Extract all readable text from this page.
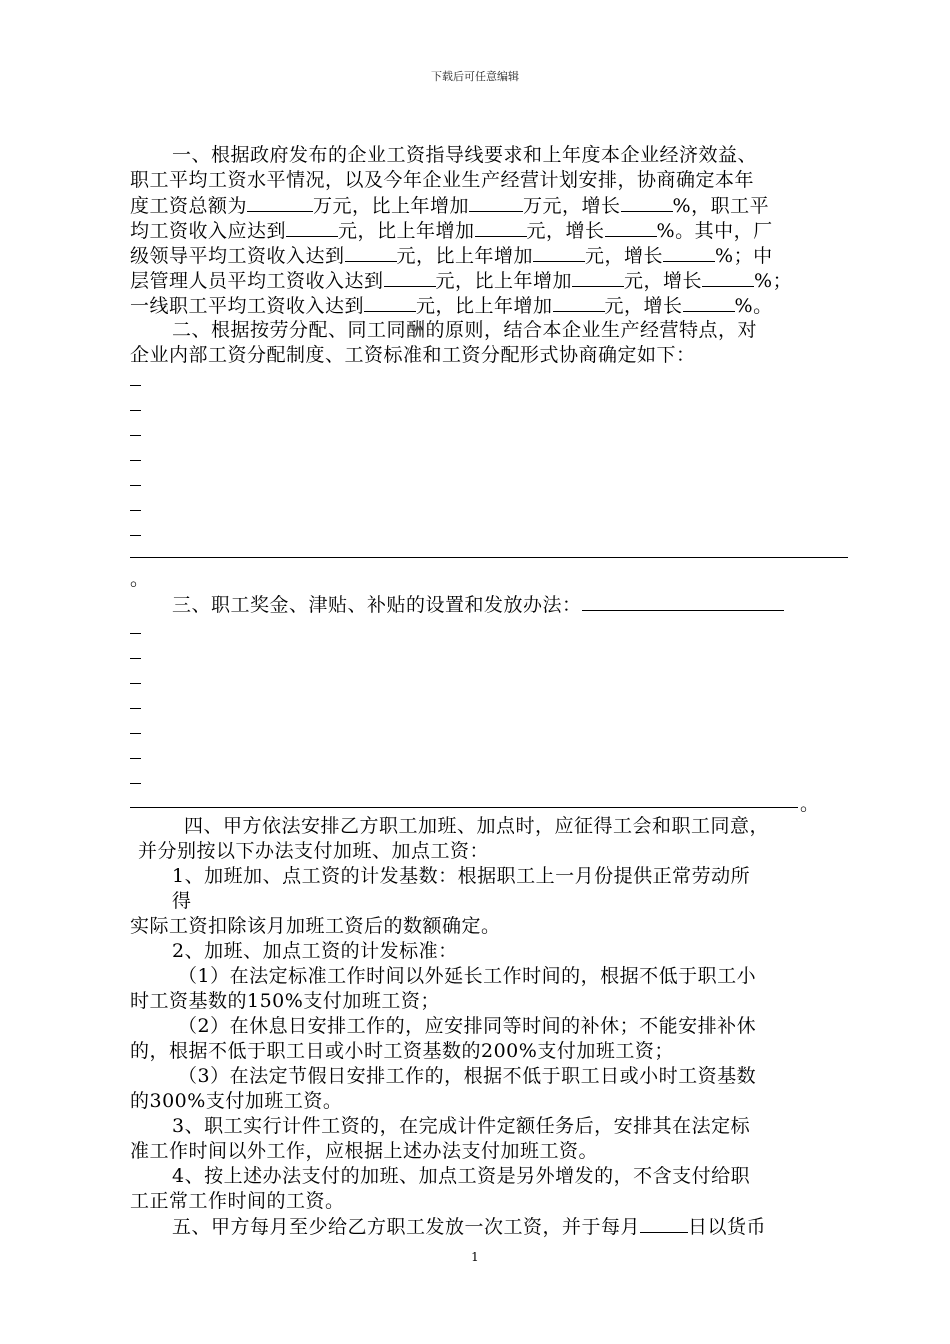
下载后可任意编辑
一、根据政府发布的企业工资指导线要求和上年度本企业经济效益、
职工平均工资水平情况，以及今年企业生产经营计划安排，协商确定本年
度工资总额为	万元，比上年增加	万元，增长	%，职工平
均工资收入应达到	元，比上年增加	元，增长	%。其中，厂
级领导平均工资收入达到	元，比上年增加	元，增长	%；中
层管理人员平均工资收入达到	元，比上年增加	元，增长	%；
一线职工平均工资收入达到	元，比上年增加	元，增长	%。
二、根据按劳分配、同工同酬的原则，结合本企业生产经营特点，对
企业内部工资分配制度、工资标准和工资分配形式协商确定如下：
。
三、职工奖金、津贴、补贴的设置和发放办法：
。
四、甲方依法安排乙方职工加班、加点时，应征得工会和职工同意，
并分别按以下办法支付加班、加点工资：
1、加班加、点工资的计发基数：根据职工上一月份提供正常劳动所
得
实际工资扣除该月加班工资后的数额确定。
2、加班、加点工资的计发标准：
（1）在法定标准工作时间以外延长工作时间的，根据不低于职工小
时工资基数的150%支付加班工资；
（2）在休息日安排工作的，应安排同等时间的补休；不能安排补休
的，根据不低于职工日或小时工资基数的200%支付加班工资；
（3）在法定节假日安排工作的，根据不低于职工日或小时工资基数
的300%支付加班工资。
3、职工实行计件工资的，在完成计件定额任务后，安排其在法定标
准工作时间以外工作，应根据上述办法支付加班工资。
4、按上述办法支付的加班、加点工资是另外增发的，不含支付给职
工正常工作时间的工资。
五、甲方每月至少给乙方职工发放一次工资，并于每月	日以货币
1
